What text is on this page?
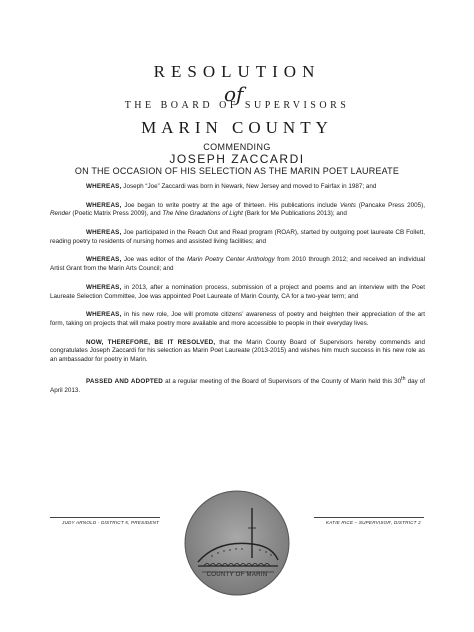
RESOLUTION
of
THE BOARD OF SUPERVISORS
MARIN COUNTY
COMMENDING
JOSEPH ZACCARDI
ON THE OCCASION OF HIS SELECTION AS THE MARIN POET LAUREATE

WHEREAS, Joseph “Joe” Zaccardi was born in Newark, New Jersey and moved to Fairfax in 1987; and

WHEREAS, Joe began to write poetry at the age of thirteen. His publications include Vents (Pancake Press 2005), Render (Poetic Matrix Press 2009), and The Nine Gradations of Light (Bark for Me Publications 2013); and

WHEREAS, Joe participated in the Reach Out and Read program (ROAR), started by outgoing poet laureate CB Follett, reading poetry to residents of nursing homes and assisted living facilities; and

WHEREAS, Joe was editor of the Marin Poetry Center Anthology from 2010 through 2012; and received an individual Artist Grant from the Marin Arts Council; and

WHEREAS, in 2013, after a nomination process, submission of a project and poems and an interview with the Poet Laureate Selection Committee, Joe was appointed Poet Laureate of Marin County, CA for a two-year term; and

WHEREAS, in his new role, Joe will promote citizens’ awareness of poetry and heighten their appreciation of the art form, taking on projects that will make poetry more available and more accessible to people in their everyday lives.

NOW, THEREFORE, BE IT RESOLVED, that the Marin County Board of Supervisors hereby commends and congratulates Joseph Zaccardi for his selection as Marin Poet Laureate (2013-2015) and wishes him much success in his new role as an ambassador for poetry in Marin.

PASSED AND ADOPTED at a regular meeting of the Board of Supervisors of the County of Marin held this 30th day of April 2013.

JUDY ARNOLD - DISTRICT 5, PRESIDENT	KATIE RICE – SUPERVISOR, DISTRICT 2
COUNTY OF MARIN
